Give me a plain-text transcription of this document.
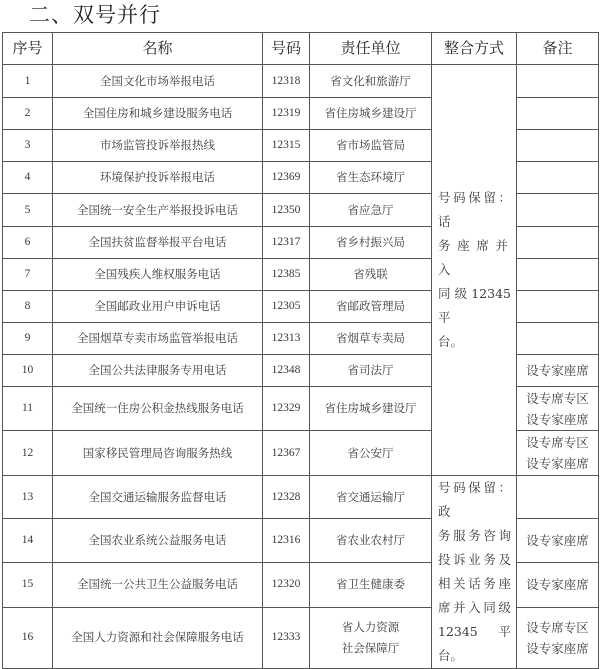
二、双号并行
序号	名称	号码	责任单位	整合方式	备注
1	全国文化市场举报电话	12318	省文化和旅游厅	号码保留：话
务座席并入
同级12345平
台。	

2	全国住房和城乡建设服务电话	12319	省住房城乡建设厅		
3	市场监管投诉举报热线	12315	省市场监管局		
4	环境保护投诉举报电话	12369	省生态环境厅		
5	全国统一安全生产举报投诉电话	12350	省应急厅		
6	全国扶贫监督举报平台电话	12317	省乡村振兴局		
7	全国残疾人维权服务电话	12385	省残联		
8	全国邮政业用户申诉电话	12305	省邮政管理局		
9	全国烟草专卖市场监管举报电话	12313	省烟草专卖局		
10	全国公共法律服务专用电话	12348	省司法厅		设专家座席

11	全国统一住房公积金热线服务电话	12329	省住房城乡建设厅		设专席专区
设专家座席

12	国家移民管理局咨询服务热线	12367	省公安厅		设专席专区
设专家座席

13	全国交通运输服务监督电话	12328	省交通运输厅	
号码保留：政
务服务咨询
投诉业务及
相关话务座
席并入同级
12345平台。

14	全国农业系统公益服务电话	12316	省农业农村厅		设专家座席

15	全国统一公共卫生公益服务电话	12320	省卫生健康委		设专家座席

16	全国人力资源和社会保障服务电话	12333	省人力资源
社会保障厅		设专席专区
设专家座席
